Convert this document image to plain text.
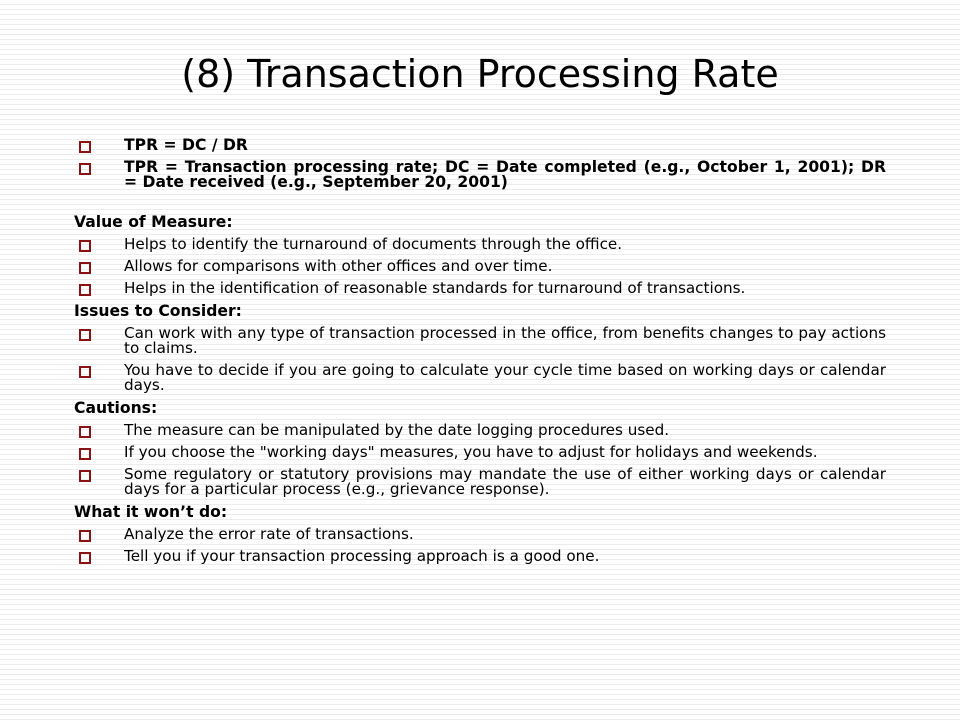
(8) Transaction Processing Rate
TPR = DC / DR
TPR = Transaction processing rate; DC = Date completed (e.g., October 1, 2001); DR = Date received (e.g., September 20, 2001)
Value of Measure:
Helps to identify the turnaround of documents through the office.
Allows for comparisons with other offices and over time.
Helps in the identification of reasonable standards for turnaround of transactions.
Issues to Consider:
Can work with any type of transaction processed in the office, from benefits changes to pay actions to claims.
You have to decide if you are going to calculate your cycle time based on working days or calendar days.
Cautions:
The measure can be manipulated by the date logging procedures used.
If you choose the "working days" measures, you have to adjust for holidays and weekends.
Some regulatory or statutory provisions may mandate the use of either working days or calendar days for a particular process (e.g., grievance response).
What it won’t do:
Analyze the error rate of transactions.
Tell you if your transaction processing approach is a good one.
